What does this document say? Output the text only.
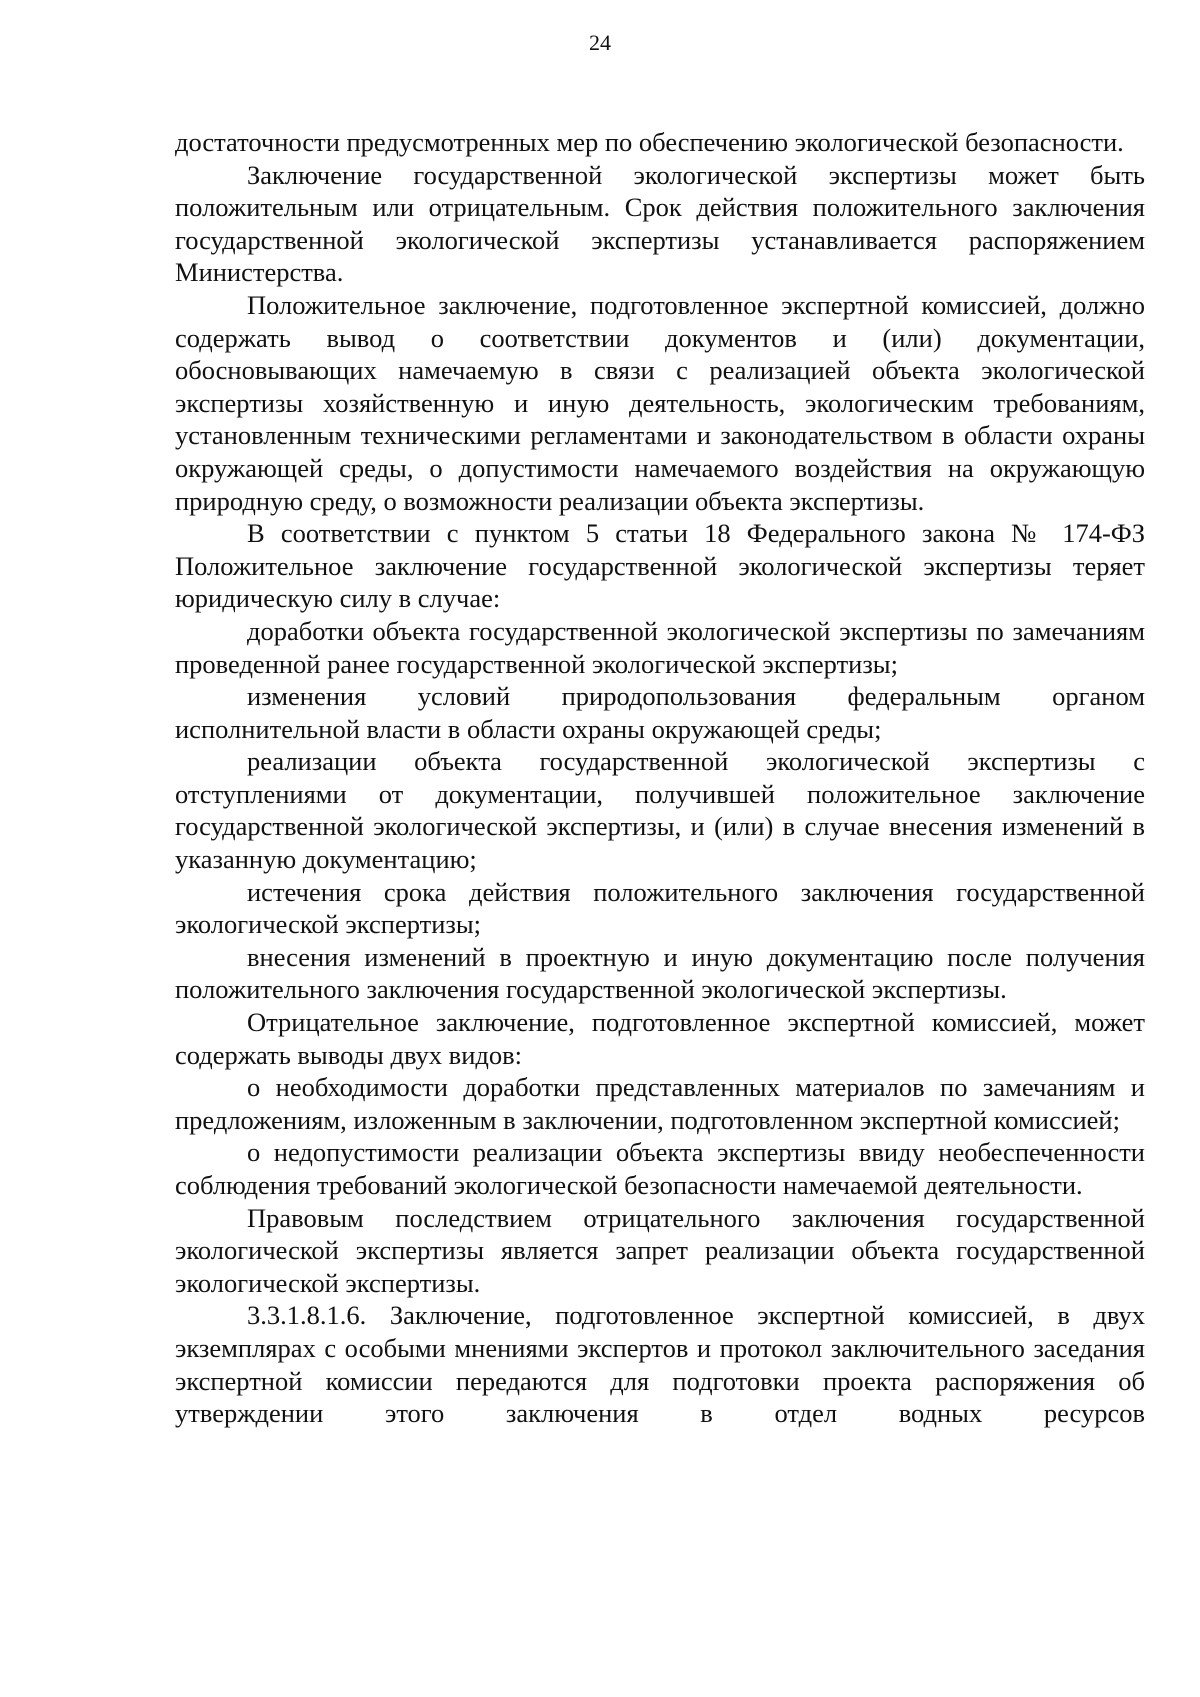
24

достаточности предусмотренных мер по обеспечению экологической безопасности.

Заключение государственной экологической экспертизы может быть положительным или отрицательным. Срок действия положительного заключения государственной экологической экспертизы устанавливается распоряжением Министерства.

Положительное заключение, подготовленное экспертной комиссией, должно содержать вывод о соответствии документов и (или) документации, обосновывающих намечаемую в связи с реализацией объекта экологической экспертизы хозяйственную и иную деятельность, экологическим требованиям, установленным техническими регламентами и законодательством в области охраны окружающей среды, о допустимости намечаемого воздействия на окружающую природную среду, о возможности реализации объекта экспертизы.

В соответствии с пунктом 5 статьи 18 Федерального закона № 174-ФЗ Положительное заключение государственной экологической экспертизы теряет юридическую силу в случае:

доработки объекта государственной экологической экспертизы по замечаниям проведенной ранее государственной экологической экспертизы;

изменения условий природопользования федеральным органом исполнительной власти в области охраны окружающей среды;

реализации объекта государственной экологической экспертизы с отступлениями от документации, получившей положительное заключение государственной экологической экспертизы, и (или) в случае внесения изменений в указанную документацию;

истечения срока действия положительного заключения государственной экологической экспертизы;

внесения изменений в проектную и иную документацию после получения положительного заключения государственной экологической экспертизы.

Отрицательное заключение, подготовленное экспертной комиссией, может содержать выводы двух видов:

о необходимости доработки представленных материалов по замечаниям и предложениям, изложенным в заключении, подготовленном экспертной комиссией;

о недопустимости реализации объекта экспертизы ввиду необеспеченности соблюдения требований экологической безопасности намечаемой деятельности.

Правовым последствием отрицательного заключения государственной экологической экспертизы является запрет реализации объекта государственной экологической экспертизы.

3.3.1.8.1.6. Заключение, подготовленное экспертной комиссией, в двух экземплярах с особыми мнениями экспертов и протокол заключительного заседания экспертной комиссии передаются для подготовки проекта распоряжения об утверждении этого заключения в отдел водных ресурсов
